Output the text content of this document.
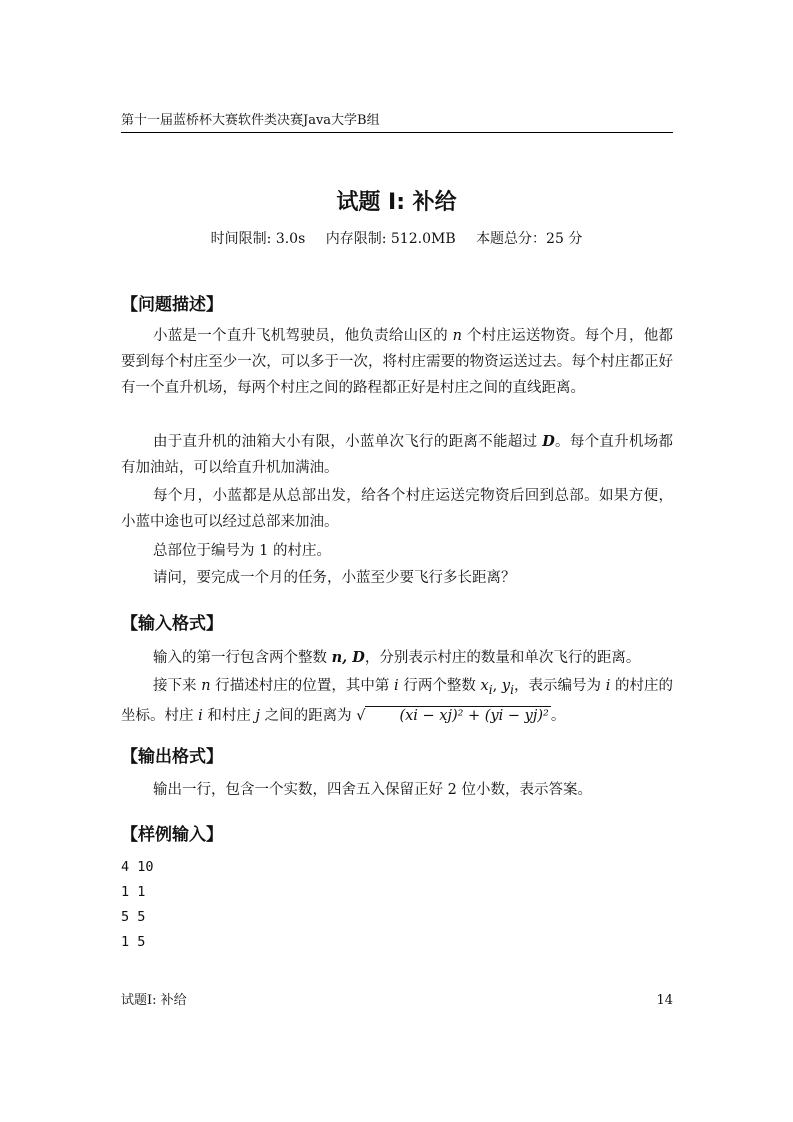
第十一届蓝桥杯大赛软件类决赛Java大学B组
试题 I: 补给
时间限制: 3.0s 内存限制: 512.0MB 本题总分：25 分
【问题描述】
小蓝是一个直升飞机驾驶员，他负责给山区的 n 个村庄运送物资。每个月，他都要到每个村庄至少一次，可以多于一次，将村庄需要的物资运送过去。每个村庄都正好有一个直升机场，每两个村庄之间的路程都正好是村庄之间的直线距离。
由于直升机的油箱大小有限，小蓝单次飞行的距离不能超过 D。每个直升机场都有加油站，可以给直升机加满油。
每个月，小蓝都是从总部出发，给各个村庄运送完物资后回到总部。如果方便，小蓝中途也可以经过总部来加油。
总部位于编号为 1 的村庄。
请问，要完成一个月的任务，小蓝至少要飞行多长距离？
【输入格式】
输入的第一行包含两个整数 n, D，分别表示村庄的数量和单次飞行的距离。
接下来 n 行描述村庄的位置，其中第 i 行两个整数 $x_i$, $y_i$，表示编号为 i 的村庄的坐标。村庄 i 和村庄 j 之间的距离为 √ (xi − xj)² + (yi − yj)² 。
【输出格式】
输出一行，包含一个实数，四舍五入保留正好 2 位小数，表示答案。
【样例输入】
4 10
1 1
5 5
1 5
试题I: 补给	14
